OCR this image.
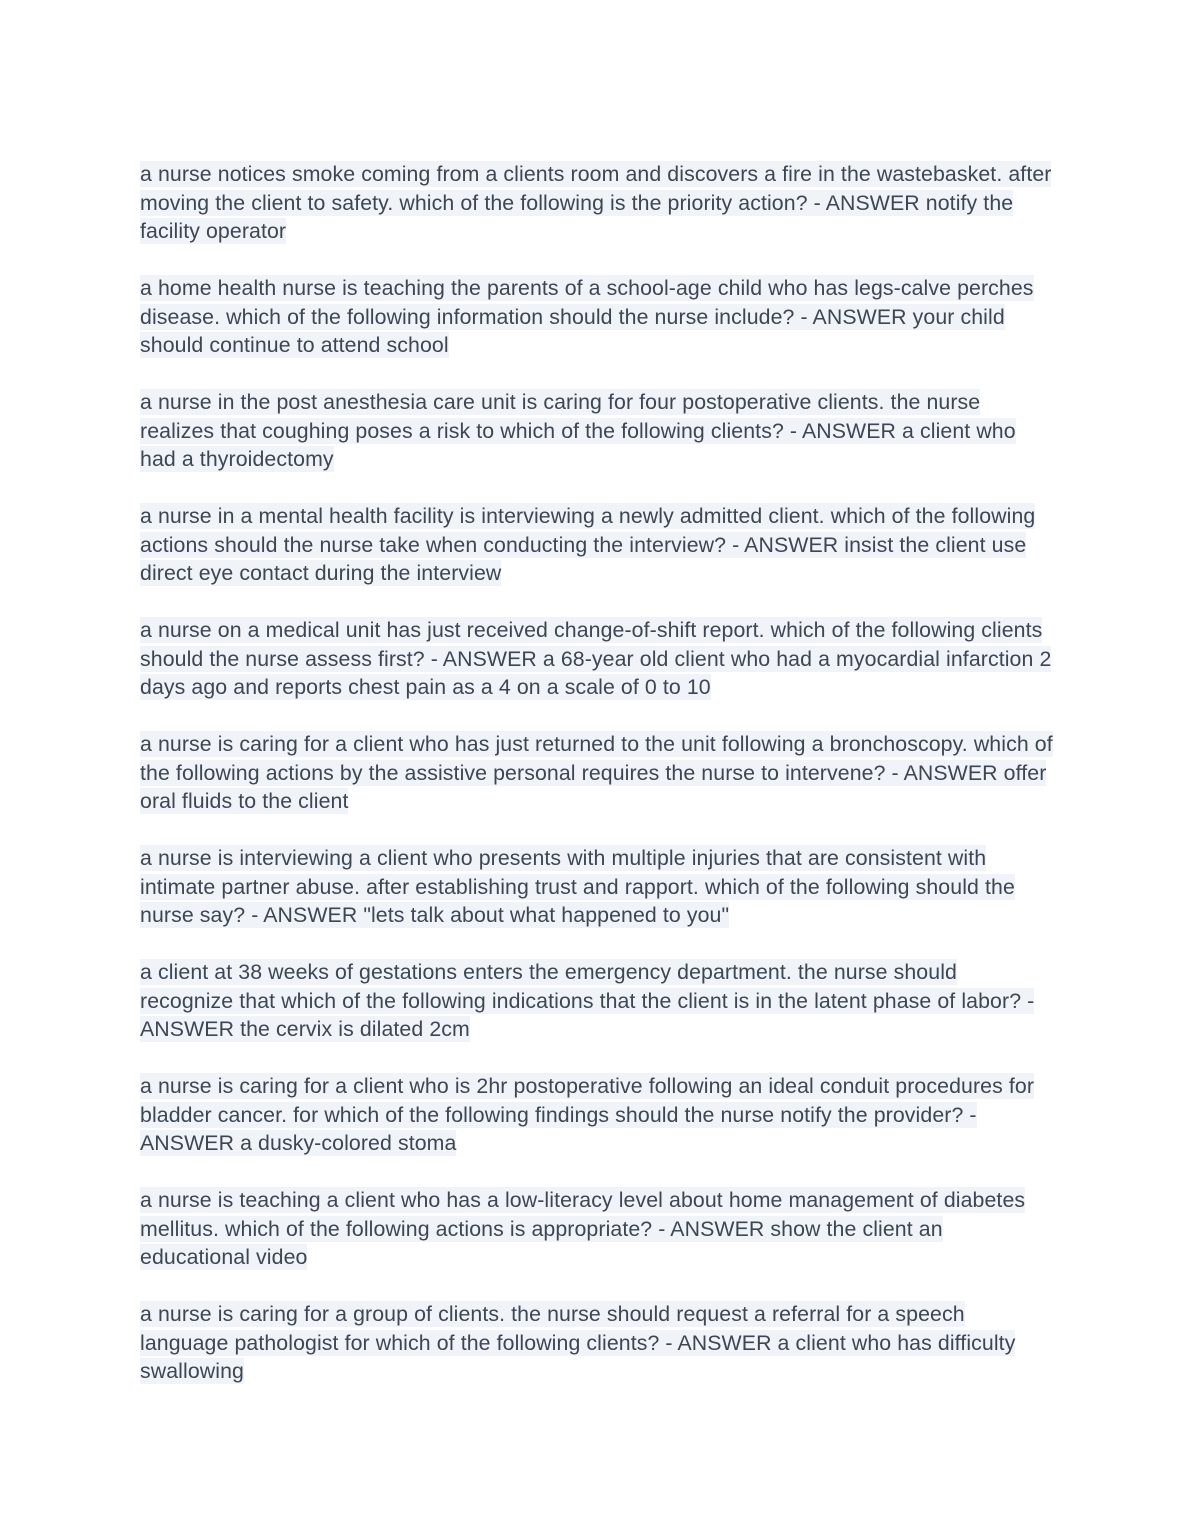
a nurse notices smoke coming from a clients room and discovers a fire in the wastebasket. after moving the client to safety. which of the following is the priority action? - ANSWER notify the facility operator

a home health nurse is teaching the parents of a school-age child who has legs-calve perches disease. which of the following information should the nurse include? - ANSWER your child should continue to attend school

a nurse in the post anesthesia care unit is caring for four postoperative clients. the nurse realizes that coughing poses a risk to which of the following clients? - ANSWER a client who had a thyroidectomy

a nurse in a mental health facility is interviewing a newly admitted client. which of the following actions should the nurse take when conducting the interview? - ANSWER insist the client use direct eye contact during the interview

a nurse on a medical unit has just received change-of-shift report. which of the following clients should the nurse assess first? - ANSWER a 68-year old client who had a myocardial infarction 2 days ago and reports chest pain as a 4 on a scale of 0 to 10

a nurse is caring for a client who has just returned to the unit following a bronchoscopy. which of the following actions by the assistive personal requires the nurse to intervene? - ANSWER offer oral fluids to the client

a nurse is interviewing a client who presents with multiple injuries that are consistent with intimate partner abuse. after establishing trust and rapport. which of the following should the nurse say? - ANSWER "lets talk about what happened to you"

a client at 38 weeks of gestations enters the emergency department. the nurse should recognize that which of the following indications that the client is in the latent phase of labor? - ANSWER the cervix is dilated 2cm

a nurse is caring for a client who is 2hr postoperative following an ideal conduit procedures for bladder cancer. for which of the following findings should the nurse notify the provider? - ANSWER a dusky-colored stoma

a nurse is teaching a client who has a low-literacy level about home management of diabetes mellitus. which of the following actions is appropriate? - ANSWER show the client an educational video

a nurse is caring for a group of clients. the nurse should request a referral for a speech language pathologist for which of the following clients? - ANSWER a client who has difficulty swallowing
